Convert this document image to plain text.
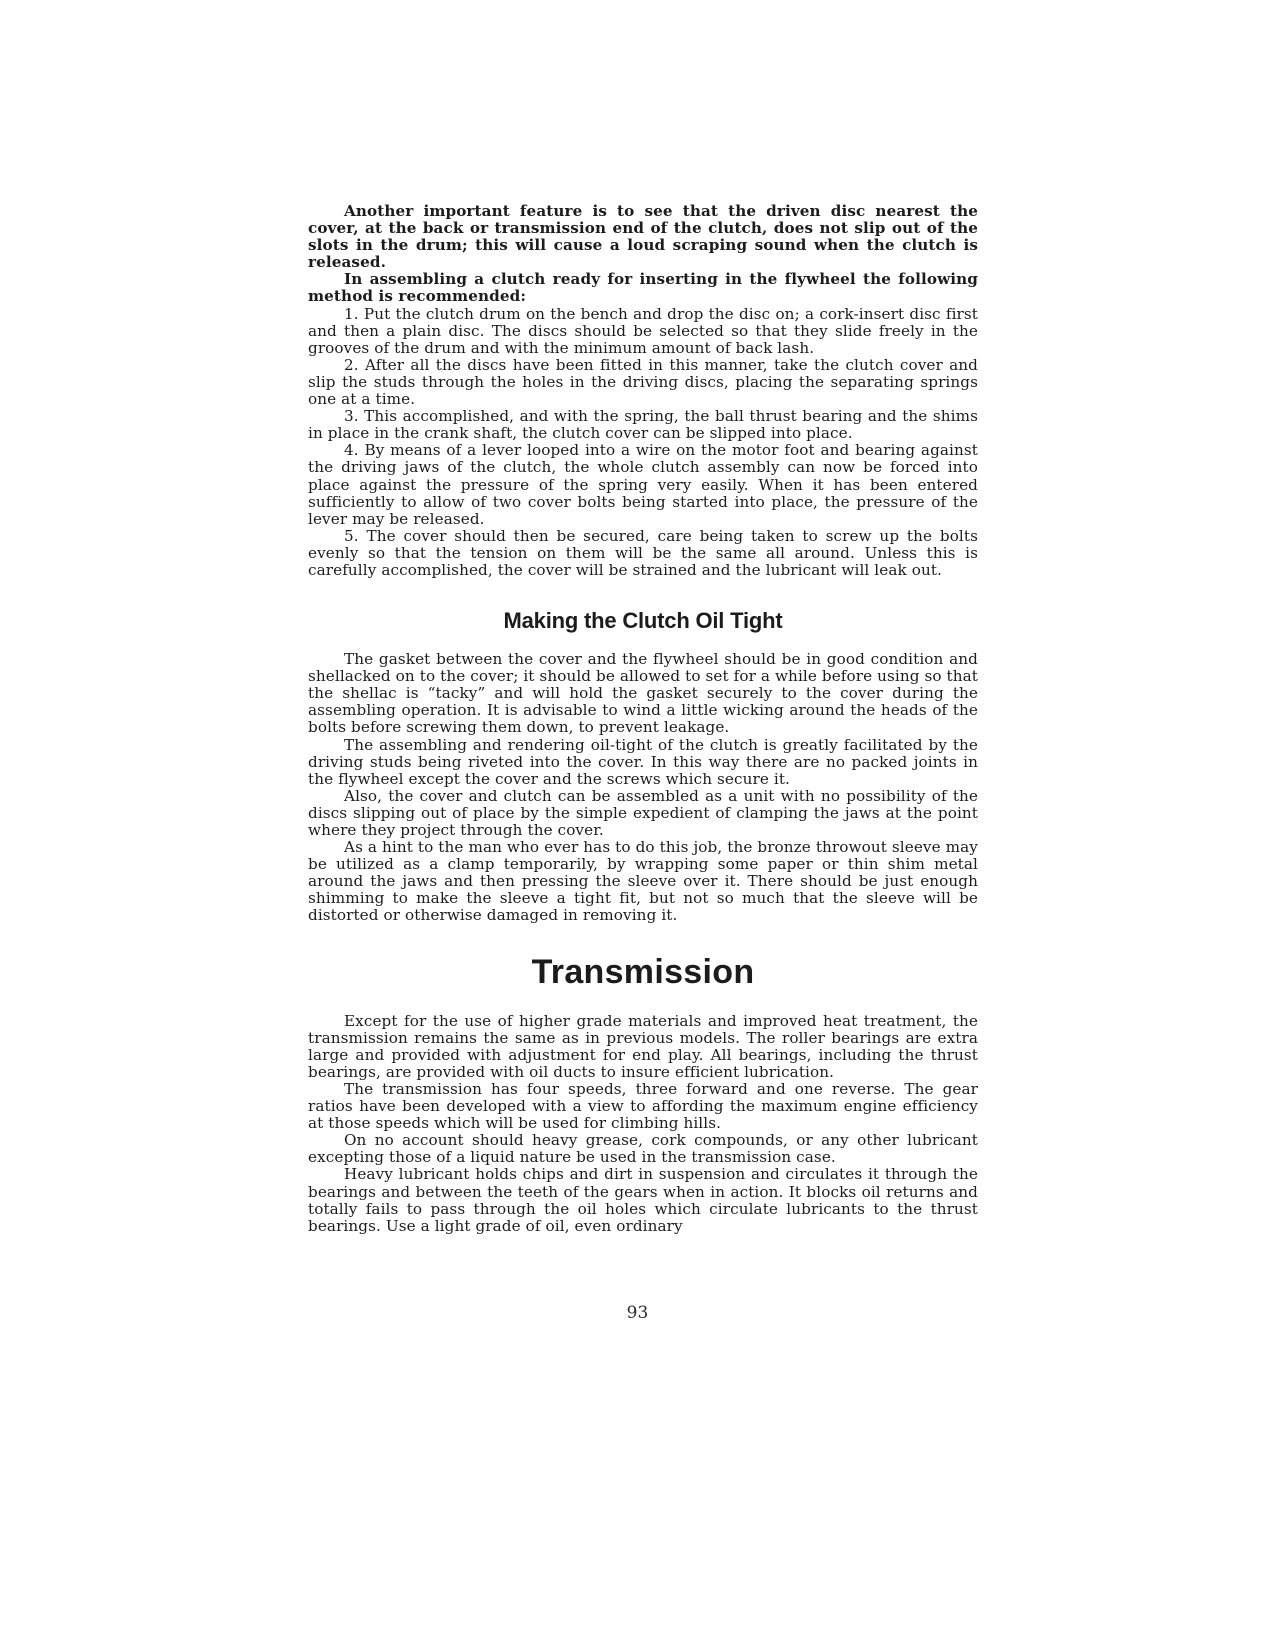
Another important feature is to see that the driven disc nearest the cover, at the back or transmission end of the clutch, does not slip out of the slots in the drum; this will cause a loud scraping sound when the clutch is released.

In assembling a clutch ready for inserting in the flywheel the following method is recommended:

1. Put the clutch drum on the bench and drop the disc on; a cork-insert disc first and then a plain disc. The discs should be selected so that they slide freely in the grooves of the drum and with the minimum amount of back lash.

2. After all the discs have been fitted in this manner, take the clutch cover and slip the studs through the holes in the driving discs, placing the separating springs one at a time.

3. This accomplished, and with the spring, the ball thrust bearing and the shims in place in the crank shaft, the clutch cover can be slipped into place.

4. By means of a lever looped into a wire on the motor foot and bearing against the driving jaws of the clutch, the whole clutch assembly can now be forced into place against the pressure of the spring very easily. When it has been entered sufficiently to allow of two cover bolts being started into place, the pressure of the lever may be released.

5. The cover should then be secured, care being taken to screw up the bolts evenly so that the tension on them will be the same all around. Unless this is carefully accomplished, the cover will be strained and the lubricant will leak out.

Making the Clutch Oil Tight

The gasket between the cover and the flywheel should be in good condition and shellacked on to the cover; it should be allowed to set for a while before using so that the shellac is “tacky” and will hold the gasket securely to the cover during the assembling operation. It is advisable to wind a little wicking around the heads of the bolts before screwing them down, to prevent leakage.

The assembling and rendering oil-tight of the clutch is greatly facilitated by the driving studs being riveted into the cover. In this way there are no packed joints in the flywheel except the cover and the screws which secure it.

Also, the cover and clutch can be assembled as a unit with no possibility of the discs slipping out of place by the simple expedient of clamping the jaws at the point where they project through the cover.

As a hint to the man who ever has to do this job, the bronze throwout sleeve may be utilized as a clamp temporarily, by wrapping some paper or thin shim metal around the jaws and then pressing the sleeve over it. There should be just enough shimming to make the sleeve a tight fit, but not so much that the sleeve will be distorted or otherwise damaged in removing it.

Transmission

Except for the use of higher grade materials and improved heat treatment, the transmission remains the same as in previous models. The roller bearings are extra large and provided with adjustment for end play. All bearings, including the thrust bearings, are provided with oil ducts to insure efficient lubrication.

The transmission has four speeds, three forward and one reverse. The gear ratios have been developed with a view to affording the maximum engine efficiency at those speeds which will be used for climbing hills.

On no account should heavy grease, cork compounds, or any other lubricant excepting those of a liquid nature be used in the transmission case.

Heavy lubricant holds chips and dirt in suspension and circulates it through the bearings and between the teeth of the gears when in action. It blocks oil returns and totally fails to pass through the oil holes which circulate lubricants to the thrust bearings. Use a light grade of oil, even ordinary

93
